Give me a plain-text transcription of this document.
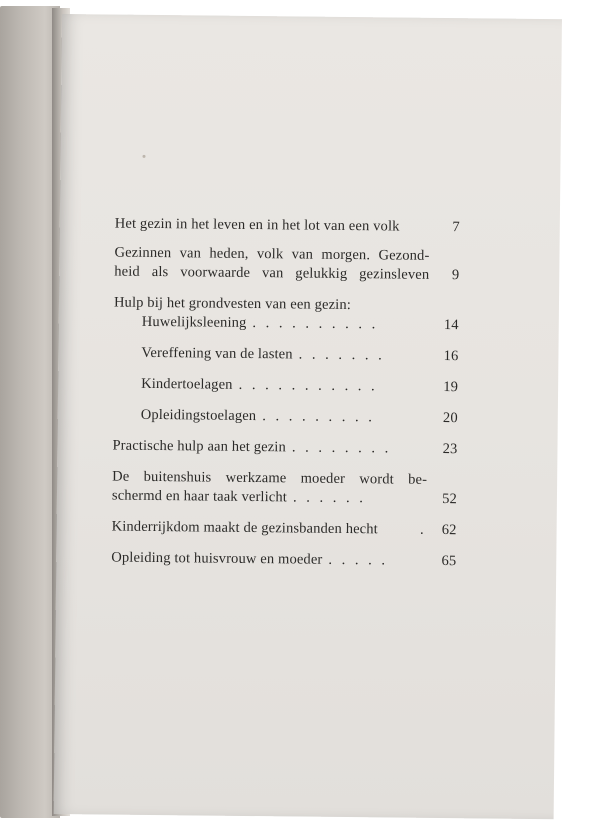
Het gezin in het leven en in het lot van een volk	7
Gezinnen van heden, volk van morgen. Gezond-
heid als voorwaarde van gelukkig gezinsleven	9
Hulp bij het grondvesten van een gezin:
Huwelijksleening . . . . . . . . . .	14
Vereffening van de lasten . . . . . . .	16
Kindertoelagen . . . . . . . . . . .	19
Opleidingstoelagen . . . . . . . . .	20
Practische hulp aan het gezin . . . . . . . .	23
De buitenshuis werkzame moeder wordt be-
schermd en haar taak verlicht . . . . . .	52
Kinderrijkdom maakt de gezinsbanden hecht	.	62
Opleiding tot huisvrouw en moeder . . . . .	65
